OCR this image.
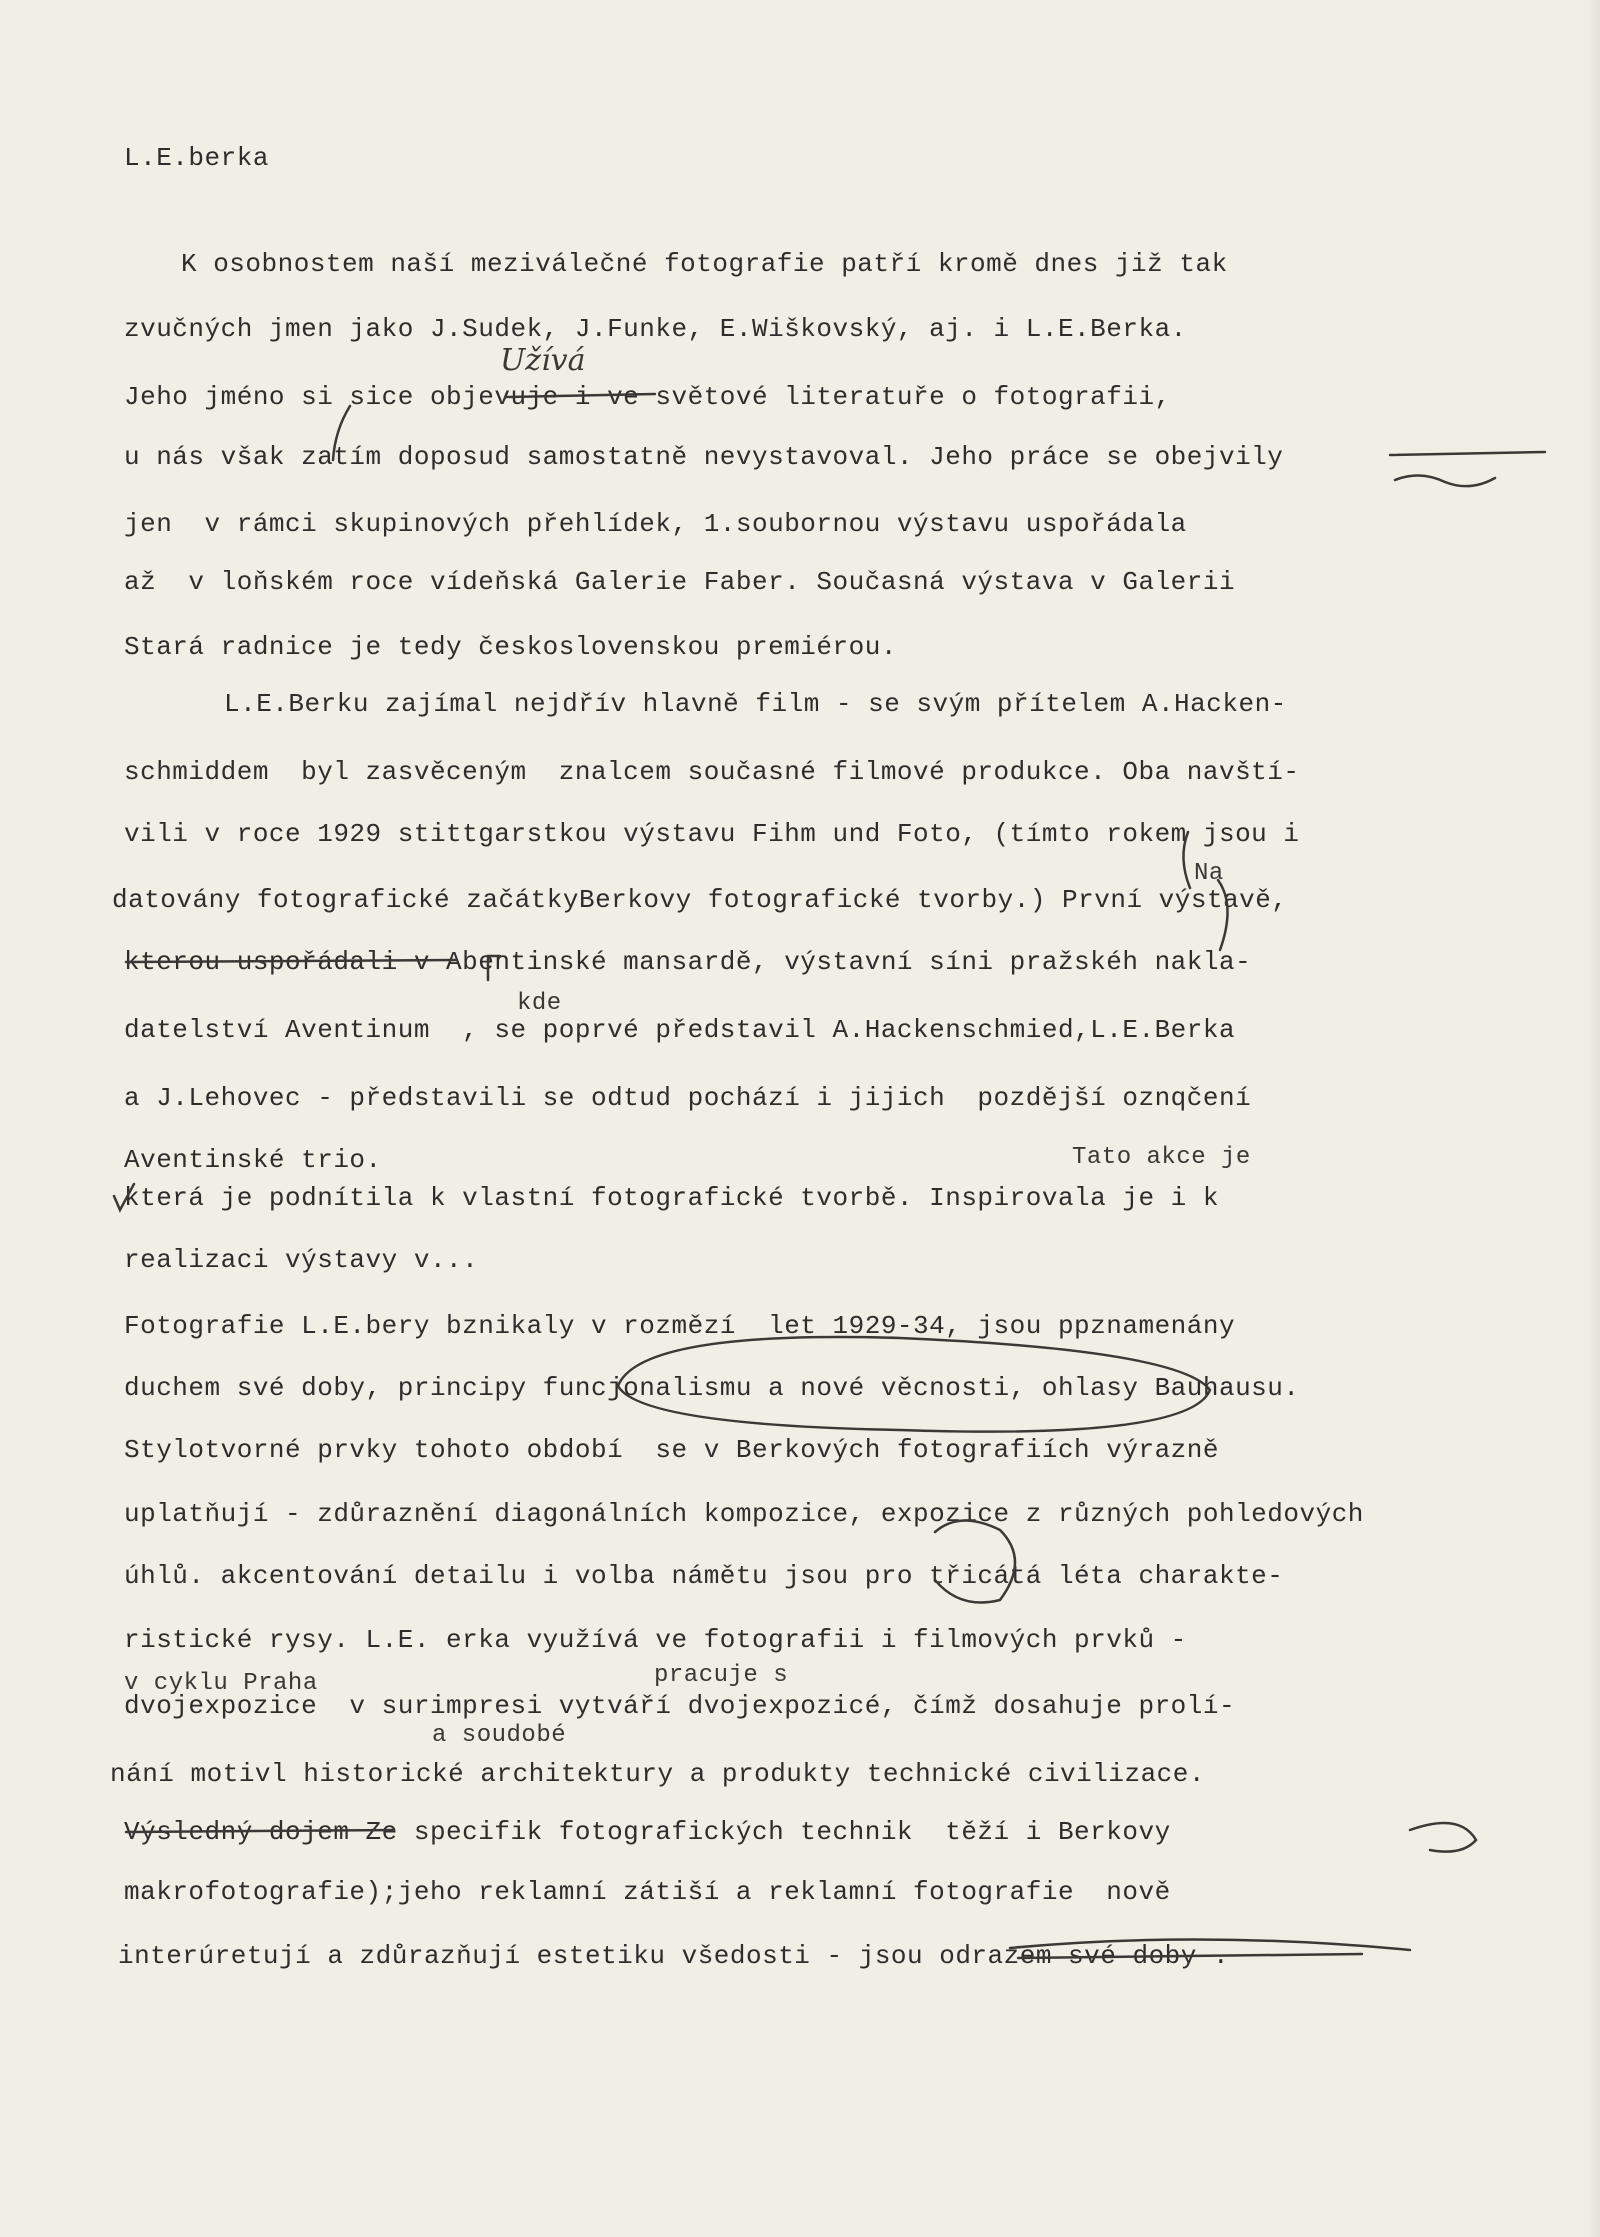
L.E.berka

K osobnostem naší meziválečné fotografie patří kromě dnes již tak

zvučných jmen jako J.Sudek, J.Funke, E.Wiškovský, aj. i L.E.Berka.

Jeho jméno si sice objevuje i ve světové literatuře o fotografii,

u nás však zatím doposud samostatně nevystavoval. Jeho práce se obejvily

jen  v rámci skupinových přehlídek, 1.soubornou výstavu uspořádala

až  v loňském roce vídeňská Galerie Faber. Současná výstava v Galerii

Stará radnice je tedy československou premiérou.

L.E.Berku zajímal nejdřív hlavně film - se svým přítelem A.Hacken-

schmiddem  byl zasvěceným  znalcem současné filmové produkce. Oba navští-

vili v roce 1929 stittgarstkou výstavu Fihm und Foto, (tímto rokem jsou i

Na

datovány fotografické začátkyBerkovy fotografické tvorby.) První výstavě,

kterou uspořádali v Abentinské mansardě, výstavní síni pražskéh nakla-

kde

datelství Aventinum  , se poprvé představil A.Hackenschmied,L.E.Berka

a J.Lehovec - představili se odtud pochází i jijich  pozdější oznqčení

Tato akce je

Aventinské trio.

která je podnítila k vlastní fotografické tvorbě. Inspirovala je i k

realizaci výstavy v...

Fotografie L.E.bery bznikaly v rozmězí  let 1929-34, jsou ppznamenány

duchem své doby, principy funcjonalismu a nové věcnosti, ohlasy Bauhausu.

Stylotvorné prvky tohoto období  se v Berkových fotografiích výrazně

uplatňují - zdůraznění diagonálních kompozice, expozice z různých pohledových

úhlů. akcentování detailu i volba námětu jsou pro třicátá léta charakte-

ristické rysy. L.E. erka využívá ve fotografii i filmových prvků -

v cyklu Praha	pracuje s

dvojexpozice  v surimpresi vytváří dvojexpozicé, čímž dosahuje prolí-

a soudobé

nání motivl historické architektury a produkty technické civilizace.

Výsledný dojem Ze specifik fotografických technik  těží i Berkovy

makrofotografie);jeho reklamní zátiší a reklamní fotografie  nově

interúretují a zdůrazňují estetiku všedosti - jsou odrazem své doby .

Užívá
